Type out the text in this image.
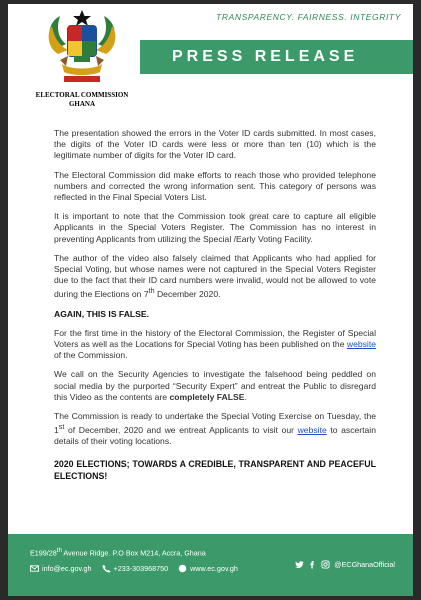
ELECTORAL COMMISSION
GHANA
TRANSPARENCY. FAIRNESS. INTEGRITY
PRESS RELEASE

The presentation showed the errors in the Voter ID cards submitted. In most cases, the digits of the Voter ID cards were less or more than ten (10) which is the legitimate number of digits for the Voter ID card.

The Electoral Commission did make efforts to reach those who provided telephone numbers and corrected the wrong information sent. This category of persons was reflected in the Final Special Voters List.

It is important to note that the Commission took great care to capture all eligible Applicants in the Special Voters Register. The Commission has no interest in preventing Applicants from utilizing the Special /Early Voting Facility.

The author of the video also falsely claimed that Applicants who had applied for Special Voting, but whose names were not captured in the Special Voters Register due to the fact that their ID card numbers were invalid, would not be allowed to vote during the Elections on 7th December 2020.

AGAIN, THIS IS FALSE.

For the first time in the history of the Electoral Commission, the Register of Special Voters as well as the Locations for Special Voting has been published on the website of the Commission.

We call on the Security Agencies to investigate the falsehood being peddled on social media by the purported “Security Expert” and entreat the Public to disregard this Video as the contents are completely FALSE.

The Commission is ready to undertake the Special Voting Exercise on Tuesday, the 1st of December, 2020 and we entreat Applicants to visit our website to ascertain details of their voting locations.

2020 ELECTIONS; TOWARDS A CREDIBLE, TRANSPARENT AND PEACEFUL ELECTIONS!

E199/28th Avenue Ridge. P.O Box M214, Accra, Ghana
info@ec.gov.gh	+233-303968750	www.ec.gov.gh	@ECGhanaOfficial
